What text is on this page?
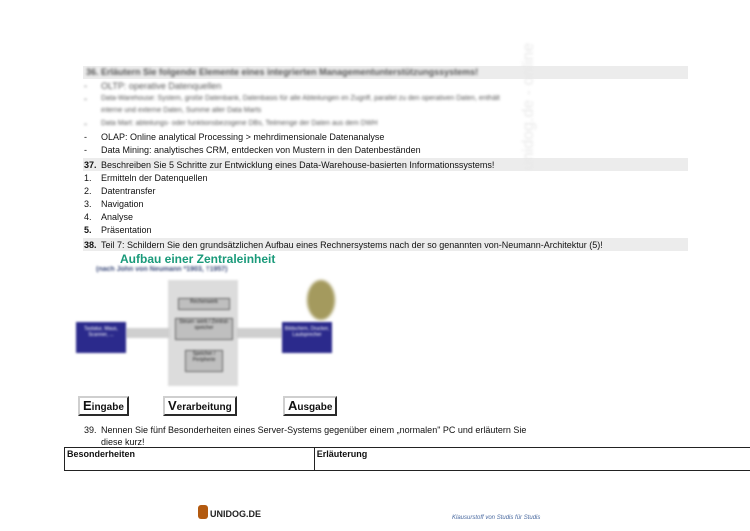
36. Erläutern Sie folgende Elemente eines integrierten Managementunterstützungssystems!
- OLTP: operative Datenquellen
- Data-Warehouse: System, große Datenbank, Datenbasis für alle Abteilungen im Zugriff, parallel zu den operativen Daten, enthält
interne und externe Daten, Summe aller Data Marts
- Data Mart: abteilungs- oder funktionsbezogene DBs, Teilmenge der Daten aus dem DWH
- OLAP: Online analytical Processing > mehrdimensionale Datenanalyse
- Data Mining: analytisches CRM, entdecken von Mustern in den Datenbeständen
37. Beschreiben Sie 5 Schritte zur Entwicklung eines Data-Warehouse-basierten Informationssystems!
1. Ermitteln der Datenquellen
2. Datentransfer
3. Navigation
4. Analyse
5. Präsentation
38. Teil 7: Schildern Sie den grundsätzlichen Aufbau eines Rechnersystems nach der so genannten von-Neumann-Architektur (5)!
Aufbau einer Zentraleinheit
(nach John von Neumann *1903, †1957)
Rechenwerk
Steuer- werk / Zentral- speicher
Speicher / Peripherie
Tastatur, Maus, Scanner, ...
Bildschirm, Drucker, Lautsprecher
Eingabe	Verarbeitung	Ausgabe
unidog.de - online
39. Nennen Sie fünf Besonderheiten eines Server-Systems gegenüber einem „normalen" PC und erläutern Sie
diese kurz!
Besonderheiten	Erläuterung
UNIDOG.DE	Klausurstoff von Studis für Studis
